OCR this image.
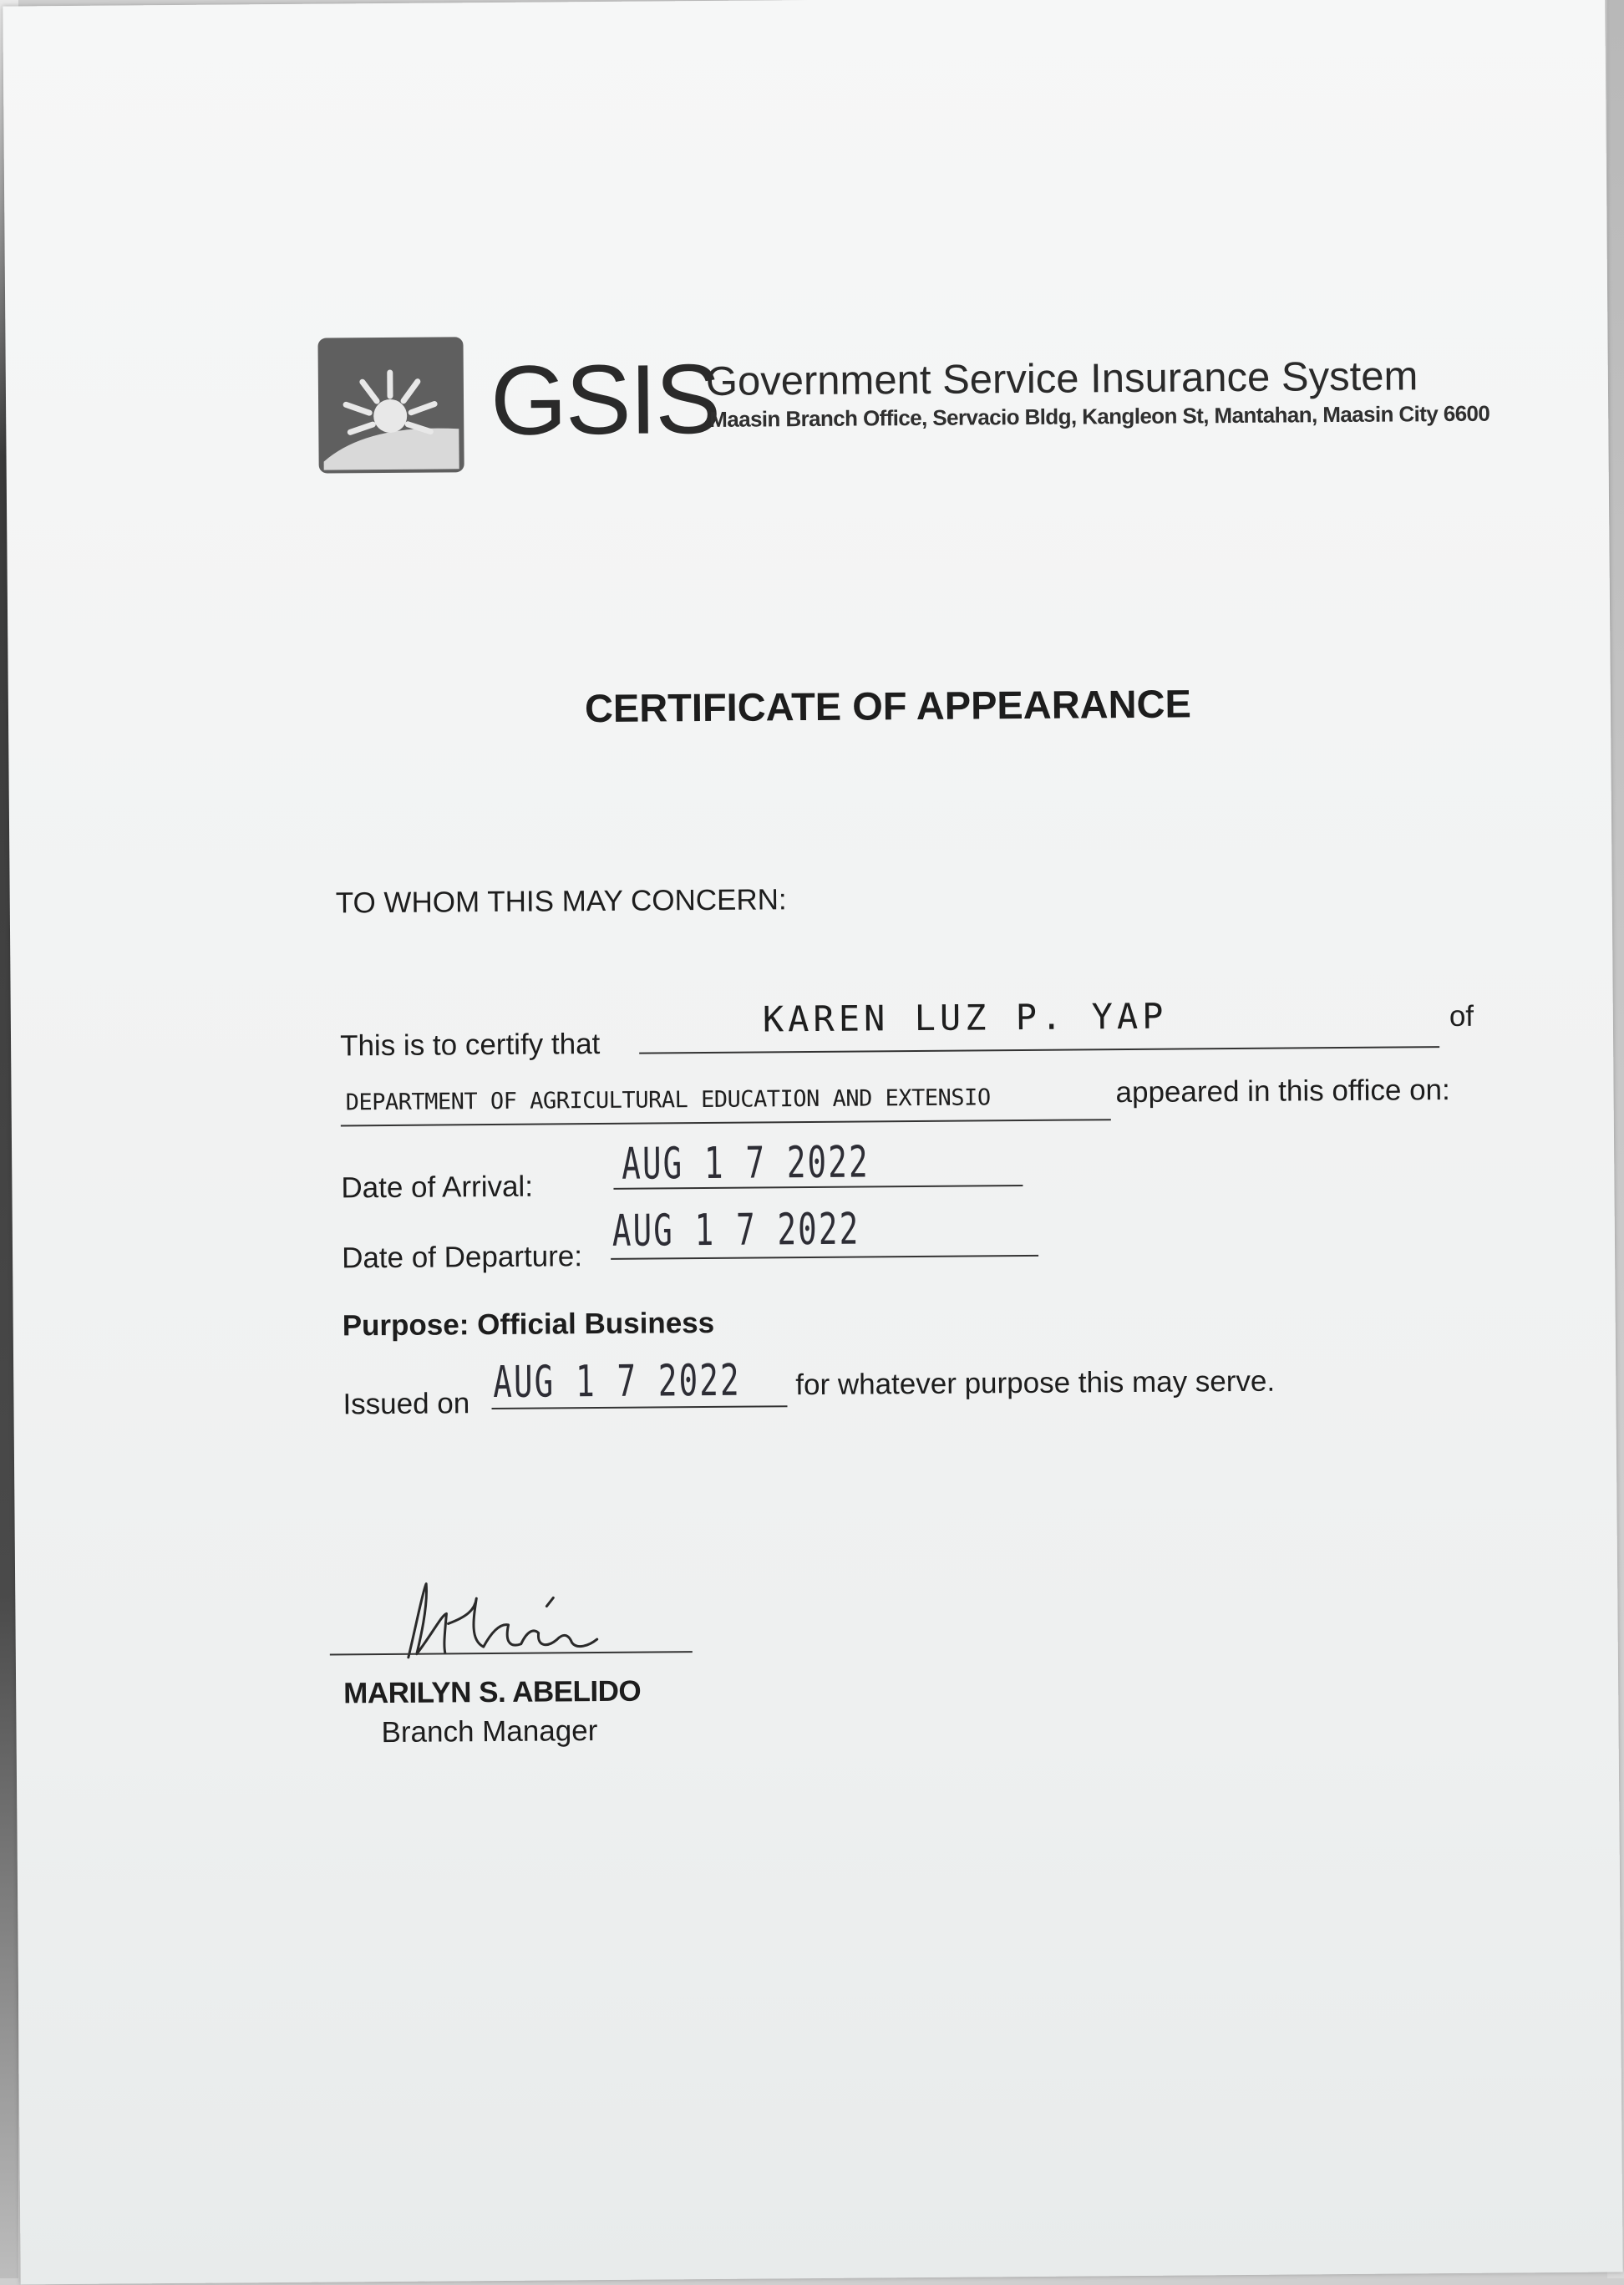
GSIS
Government Service Insurance System
Maasin Branch Office, Servacio Bldg, Kangleon St, Mantahan, Maasin City 6600
CERTIFICATE OF APPEARANCE
TO WHOM THIS MAY CONCERN:
This is to certify that
KAREN LUZ P. YAP	of
DEPARTMENT OF AGRICULTURAL EDUCATION AND EXTENSIO	appeared in this office on:
Date of Arrival: AUG 1 7 2022
Date of Departure:
AUG 1 7 2022
Purpose: Official Business
Issued on AUG 1 7 2022 for whatever purpose this may serve.
MARILYN S. ABELIDO
Branch Manager
